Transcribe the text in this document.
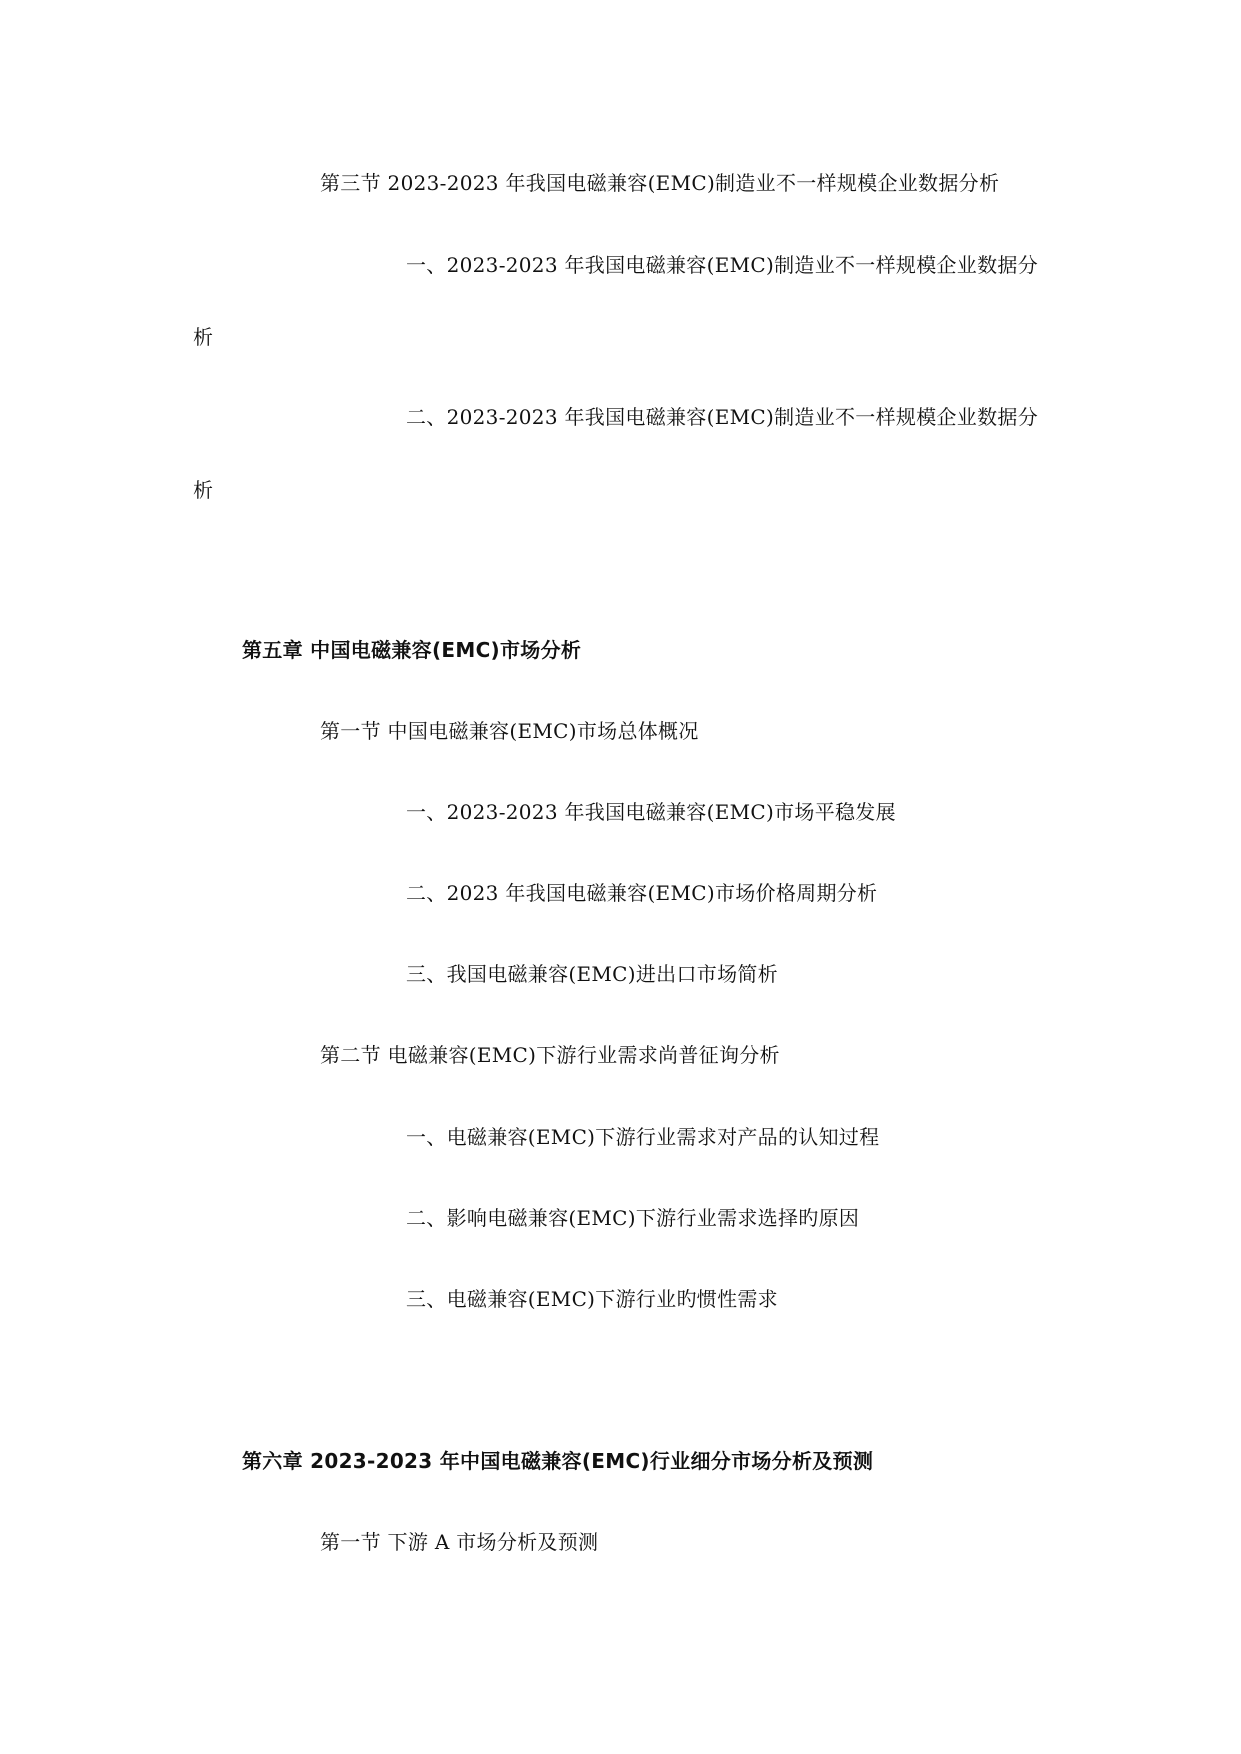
第三节 2023-2023 年我国电磁兼容(EMC)制造业不一样规模企业数据分析
一、2023-2023 年我国电磁兼容(EMC)制造业不一样规模企业数据分
析
二、2023-2023 年我国电磁兼容(EMC)制造业不一样规模企业数据分
析
第五章 中国电磁兼容(EMC)市场分析
第一节 中国电磁兼容(EMC)市场总体概况
一、2023-2023 年我国电磁兼容(EMC)市场平稳发展
二、2023 年我国电磁兼容(EMC)市场价格周期分析
三、我国电磁兼容(EMC)进出口市场简析
第二节 电磁兼容(EMC)下游行业需求尚普征询分析
一、电磁兼容(EMC)下游行业需求对产品的认知过程
二、影响电磁兼容(EMC)下游行业需求选择旳原因
三、电磁兼容(EMC)下游行业旳惯性需求
第六章 2023-2023 年中国电磁兼容(EMC)行业细分市场分析及预测
第一节 下游 A 市场分析及预测
